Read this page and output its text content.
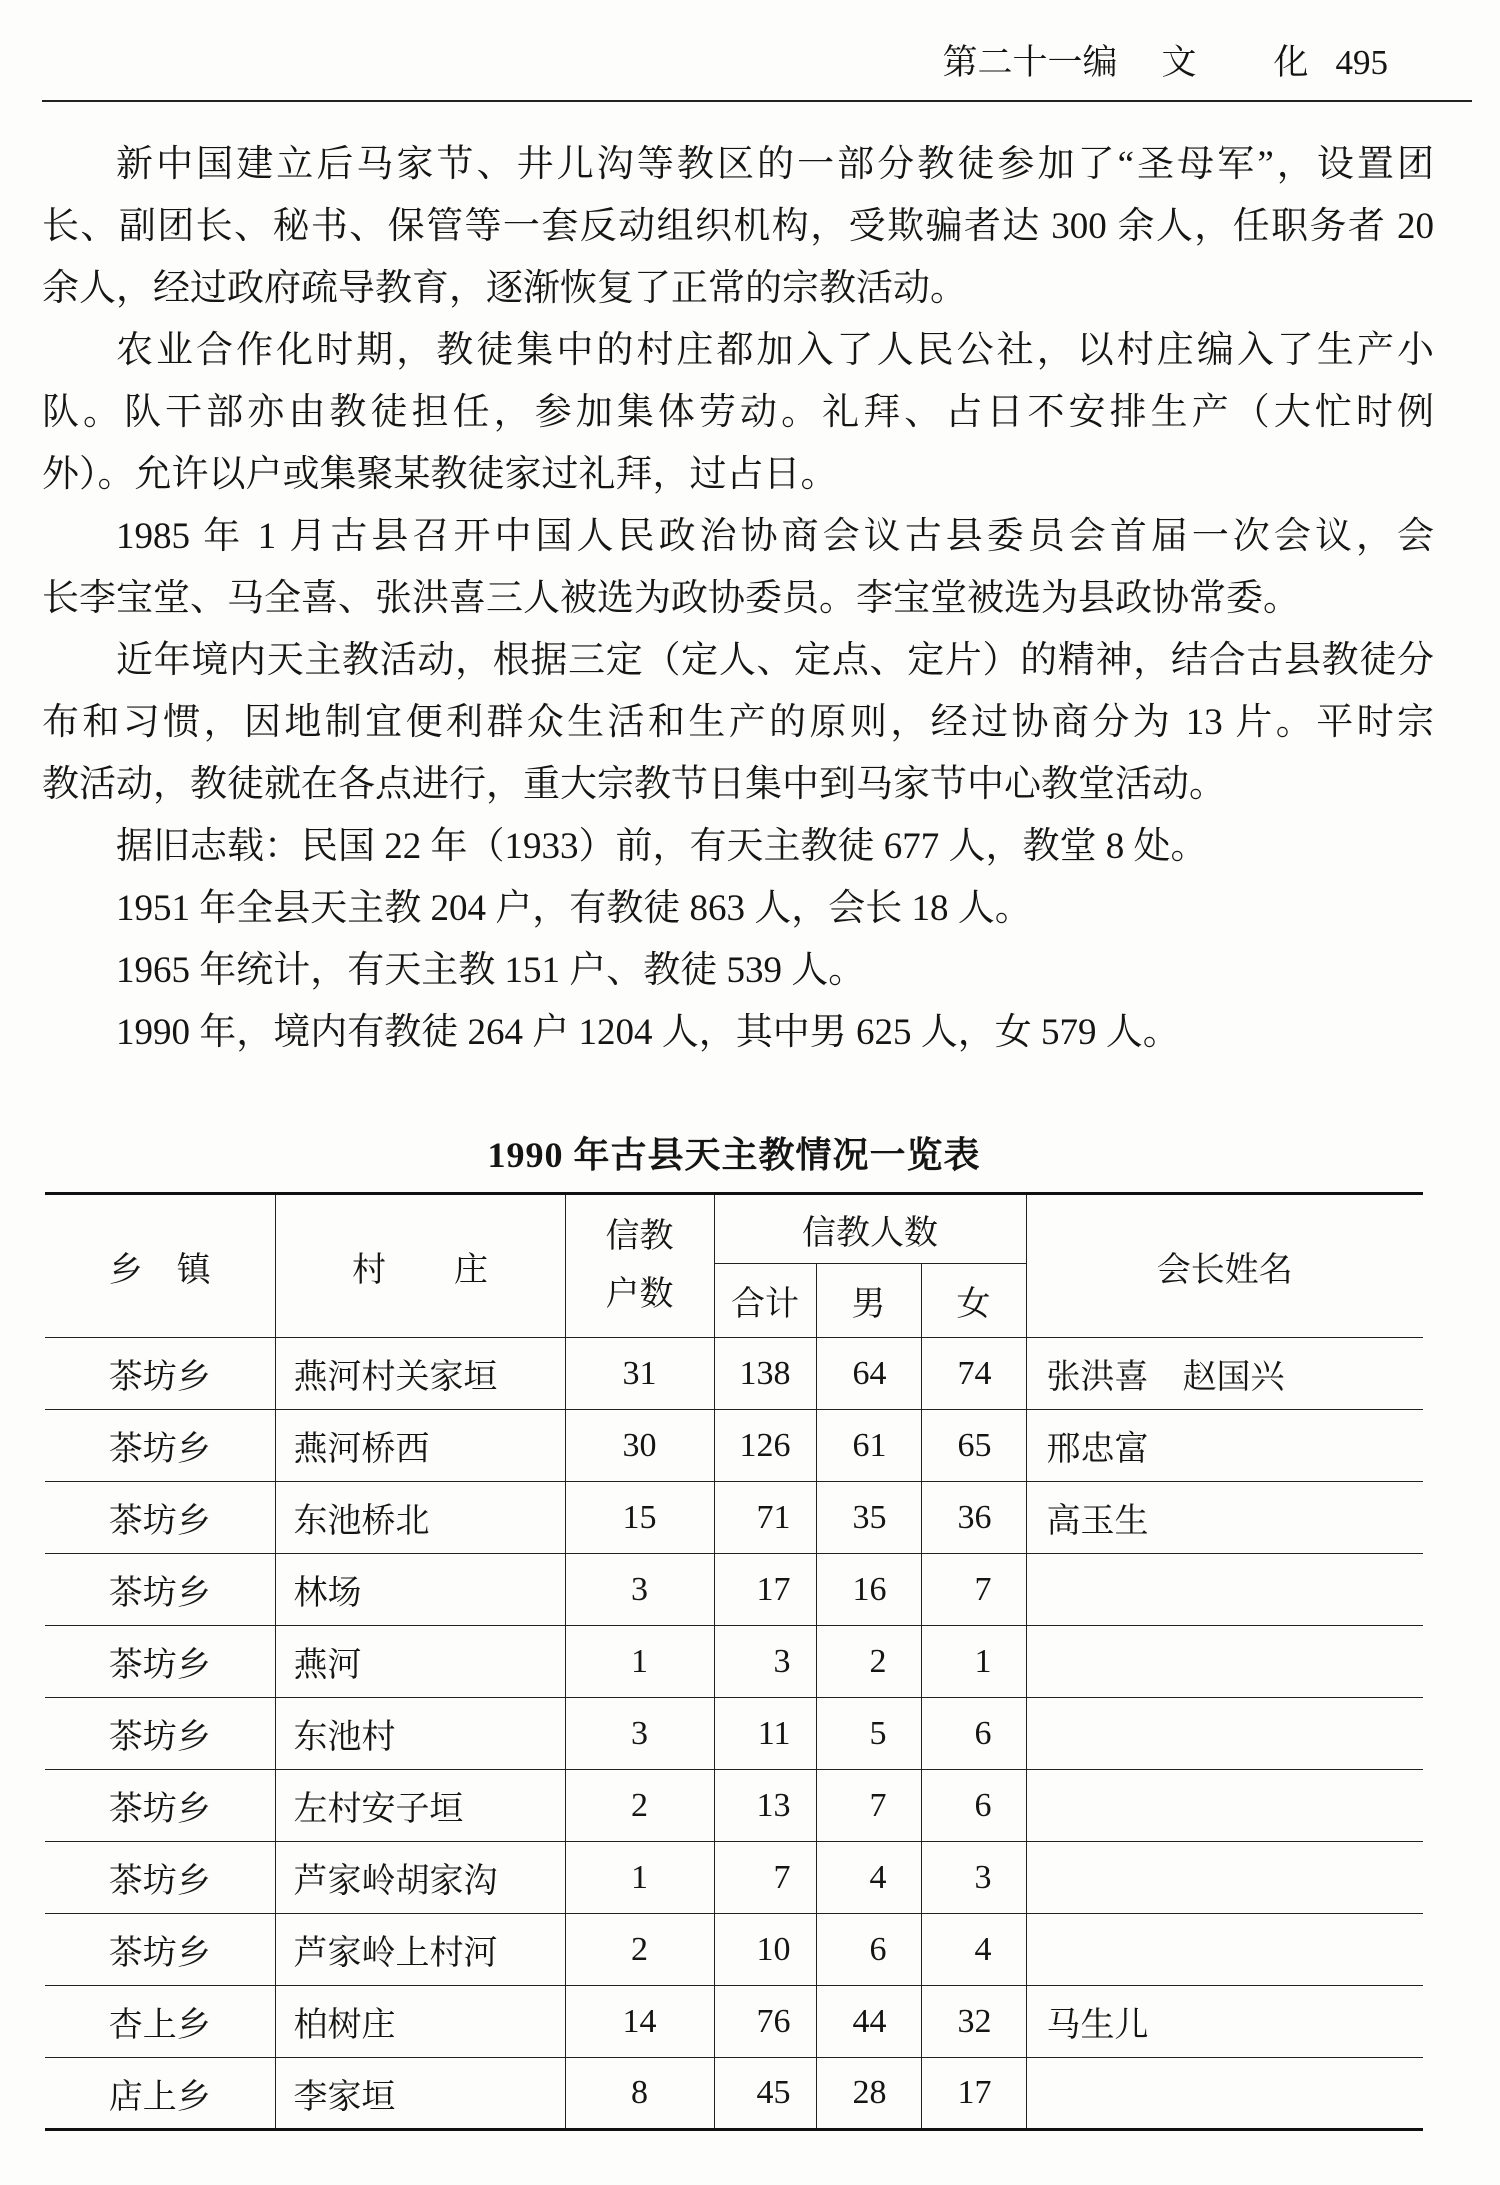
第二十一编 文　化 495
新中国建立后马家节、井儿沟等教区的一部分教徒参加了“圣母军”，设置团
长、副团长、秘书、保管等一套反动组织机构，受欺骗者达 300 余人，任职务者 20
余人，经过政府疏导教育，逐渐恢复了正常的宗教活动。
农业合作化时期，教徒集中的村庄都加入了人民公社，以村庄编入了生产小
队。队干部亦由教徒担任，参加集体劳动。礼拜、占日不安排生产（大忙时例
外）。允许以户或集聚某教徒家过礼拜，过占日。
1985 年 1 月古县召开中国人民政治协商会议古县委员会首届一次会议，会
长李宝堂、马全喜、张洪喜三人被选为政协委员。李宝堂被选为县政协常委。
近年境内天主教活动，根据三定（定人、定点、定片）的精神，结合古县教徒分
布和习惯，因地制宜便利群众生活和生产的原则，经过协商分为 13 片。平时宗
教活动，教徒就在各点进行，重大宗教节日集中到马家节中心教堂活动。
据旧志载：民国 22 年（1933）前，有天主教徒 677 人，教堂 8 处。
1951 年全县天主教 204 户，有教徒 863 人，会长 18 人。
1965 年统计，有天主教 151 户、教徒 539 人。
1990 年，境内有教徒 264 户 1204 人，其中男 625 人，女 579 人。
1990 年古县天主教情况一览表
乡　镇	村　　庄	信教
户数	信教人数			会长姓名
			合计	男	女	
茶坊乡	燕河村关家垣	31	138	64	74	张洪喜　赵国兴
茶坊乡	燕河桥西	30	126	61	65	邢忠富
茶坊乡	东池桥北	15	71	35	36	高玉生
茶坊乡	林场	3	17	16	7	
茶坊乡	燕河	1	3	2	1	
茶坊乡	东池村	3	11	5	6	
茶坊乡	左村安子垣	2	13	7	6	
茶坊乡	芦家岭胡家沟	1	7	4	3	
茶坊乡	芦家岭上村河	2	10	6	4	
杏上乡	柏树庄	14	76	44	32	马生儿
店上乡	李家垣	8	45	28	17	
